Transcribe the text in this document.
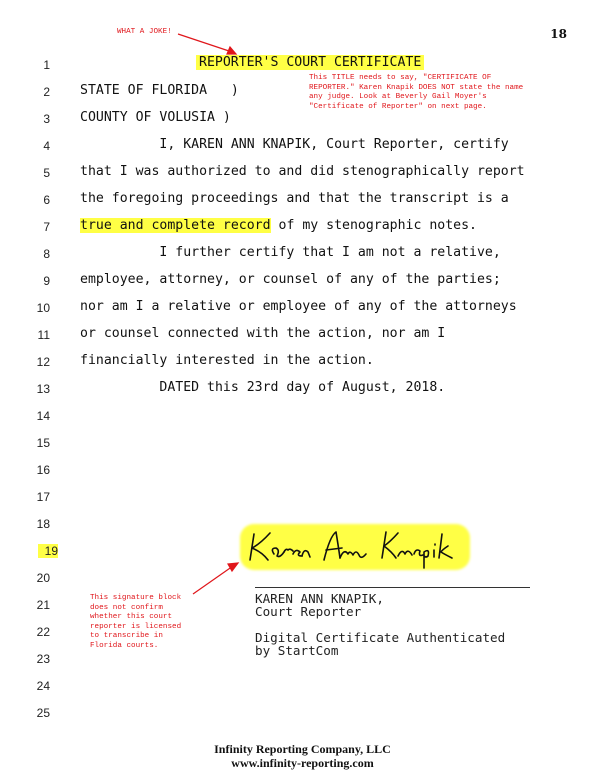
18
1
2
3
4
5
6
7
8
9
10
11
12
13
14
15
16
17
18
19
20
21
22
23
24
25
REPORTER'S COURT CERTIFICATE
STATE OF FLORIDA   )
COUNTY OF VOLUSIA )
I, KAREN ANN KNAPIK, Court Reporter, certify
that I was authorized to and did stenographically report
the foregoing proceedings and that the transcript is a
true and complete record of my stenographic notes.
I further certify that I am not a relative,
employee, attorney, or counsel of any of the parties;
nor am I a relative or employee of any of the attorneys
or counsel connected with the action, nor am I
financially interested in the action.
DATED this 23rd day of August, 2018.
WHAT A JOKE!
This TITLE needs to say, "CERTIFICATE OF
REPORTER." Karen Knapik DOES NOT state the name
any judge. Look at Beverly Gail Moyer's
"Certificate of Reporter" on next page.
This signature block
does not confirm
whether this court
reporter is licensed
to transcribe in
Florida courts.
KAREN ANN KNAPIK,
Court Reporter
Digital Certificate Authenticated
by StartCom
Infinity Reporting Company, LLC
www.infinity-reporting.com
